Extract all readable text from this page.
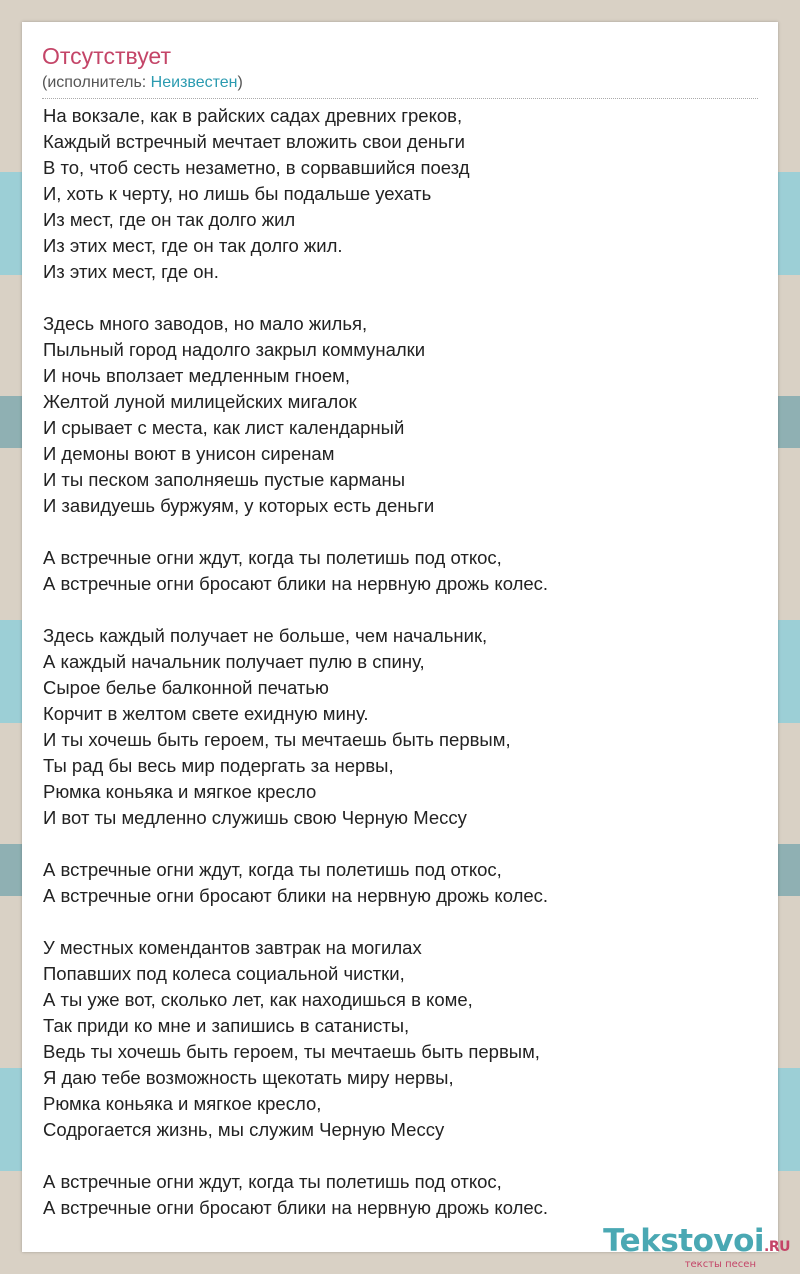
Отсутствует
(исполнитель: Неизвестен)
На вокзале, как в райских садах древних греков,
Каждый встречный мечтает вложить свои деньги
В то, чтоб сесть незаметно, в сорвавшийся поезд
И, хоть к черту, но лишь бы подальше уехать
Из мест, где он так долго жил
Из этих мест, где он так долго жил.
Из этих мест, где он.
Здесь много заводов, но мало жилья,
Пыльный город надолго закрыл коммуналки
И ночь вползает медленным гноем,
Желтой луной милицейских мигалок
И срывает с места, как лист календарный
И демоны воют в унисон сиренам
И ты песком заполняешь пустые карманы
И завидуешь буржуям, у которых есть деньги
А встречные огни ждут, когда ты полетишь под откос,
А встречные огни бросают блики на нервную дрожь колес.
Здесь каждый получает не больше, чем начальник,
А каждый начальник получает пулю в спину,
Сырое белье балконной печатью
Корчит в желтом свете ехидную мину.
И ты хочешь быть героем, ты мечтаешь быть первым,
Ты рад бы весь мир подергать за нервы,
Рюмка коньяка и мягкое кресло
И вот ты медленно служишь свою Черную Мессу
А встречные огни ждут, когда ты полетишь под откос,
А встречные огни бросают блики на нервную дрожь колес.
У местных комендантов завтрак на могилах
Попавших под колеса социальной чистки,
А ты уже вот, сколько лет, как находишься в коме,
Так приди ко мне и запишись в сатанисты,
Ведь ты хочешь быть героем, ты мечтаешь быть первым,
Я даю тебе возможность щекотать миру нервы,
Рюмка коньяка и мягкое кресло,
Содрогается жизнь, мы служим Черную Мессу
А встречные огни ждут, когда ты полетишь под откос,
А встречные огни бросают блики на нервную дрожь колес.
Tekstovoi.RU
тексты песен
